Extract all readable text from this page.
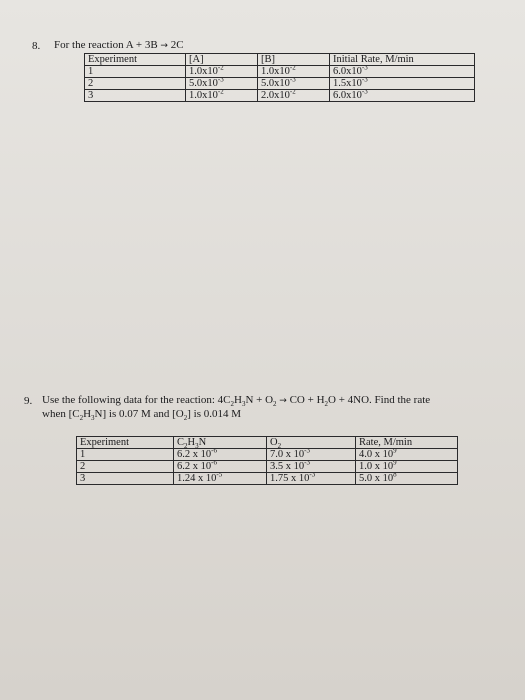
8. For the reaction A + 3B → 2C
Experiment	[A]	[B]	Initial Rate, M/min
1	$1.0x10^{-2}$	$1.0x10^{-2}$	$6.0x10^{-3}$
2	$5.0x10^{-3}$	$5.0x10^{-3}$	$1.5x10^{-3}$
3	$1.0x10^{-2}$	$2.0x10^{-2}$	$6.0x10^{-3}$
9. Use the following data for the reaction: $4C_2H_3N + O_2$ → CO + $H_2O + 4NO$. Find the rate
when $[C_2H_3N]$ is 0.07 M and $[O_2]$ is 0.014 M
Experiment	$C_2H_3N$	$O_2$	Rate, M/min
1	6.2 x $10^{-6}$	7.0 x $10^{-3}$	4.0 x $10^9$
2	6.2 x $10^{-6}$	3.5 x $10^{-3}$	1.0 x $10^9$
3	1.24 x $10^{-5}$	1.75 x $10^{-3}$	5.0 x $10^8$
